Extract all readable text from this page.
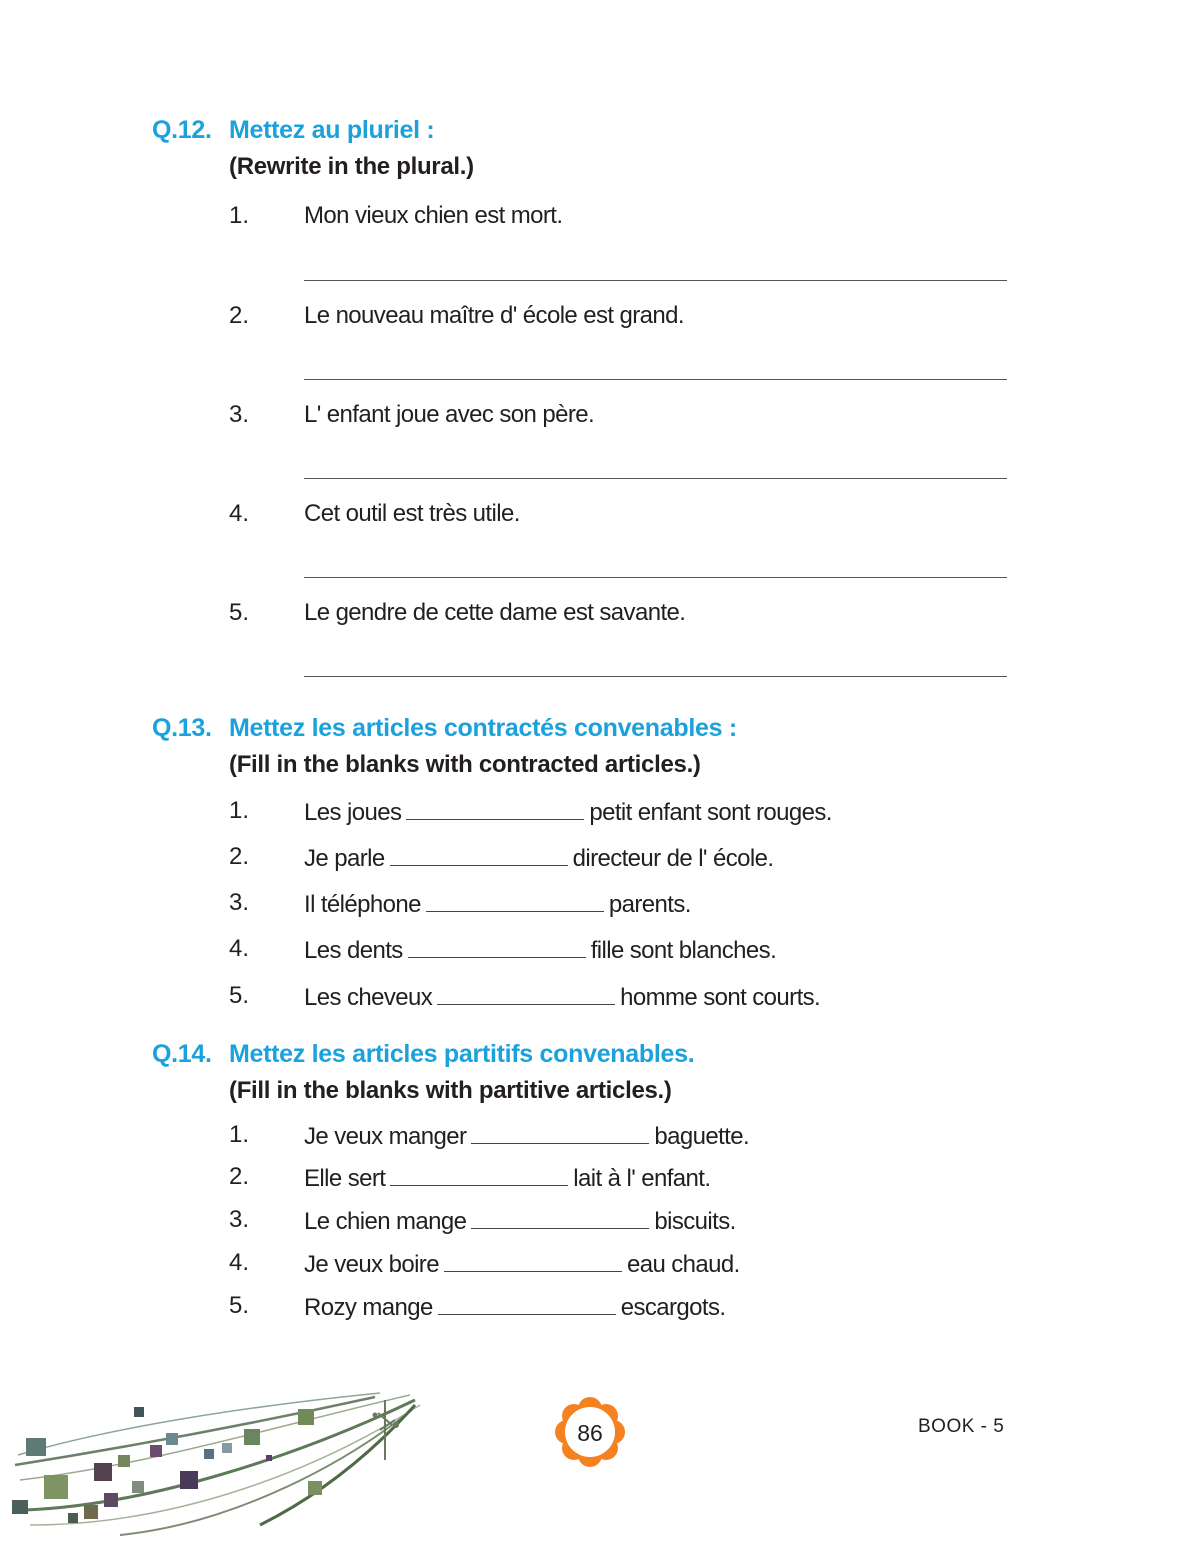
Q.12. Mettez au pluriel :
(Rewrite in the plural.)
1. Mon vieux chien est mort.
2. Le nouveau maître d' école est grand.
3. L' enfant joue avec son père.
4. Cet outil est très utile.
5. Le gendre de cette dame est savante.
Q.13. Mettez les articles contractés convenables :
(Fill in the blanks with contracted articles.)
1. Les joues	petit enfant sont rouges.
2. Je parle	directeur de l' école.
3. Il téléphone	parents.
4. Les dents	fille sont blanches.
5. Les cheveux	homme sont courts.
Q.14. Mettez les articles partitifs convenables.
(Fill in the blanks with partitive articles.)
1. Je veux manger	baguette.
2. Elle sert	lait à l' enfant.
3. Le chien mange	biscuits.
4. Je veux boire	eau chaud.
5. Rozy mange	escargots.
86	BOOK - 5
